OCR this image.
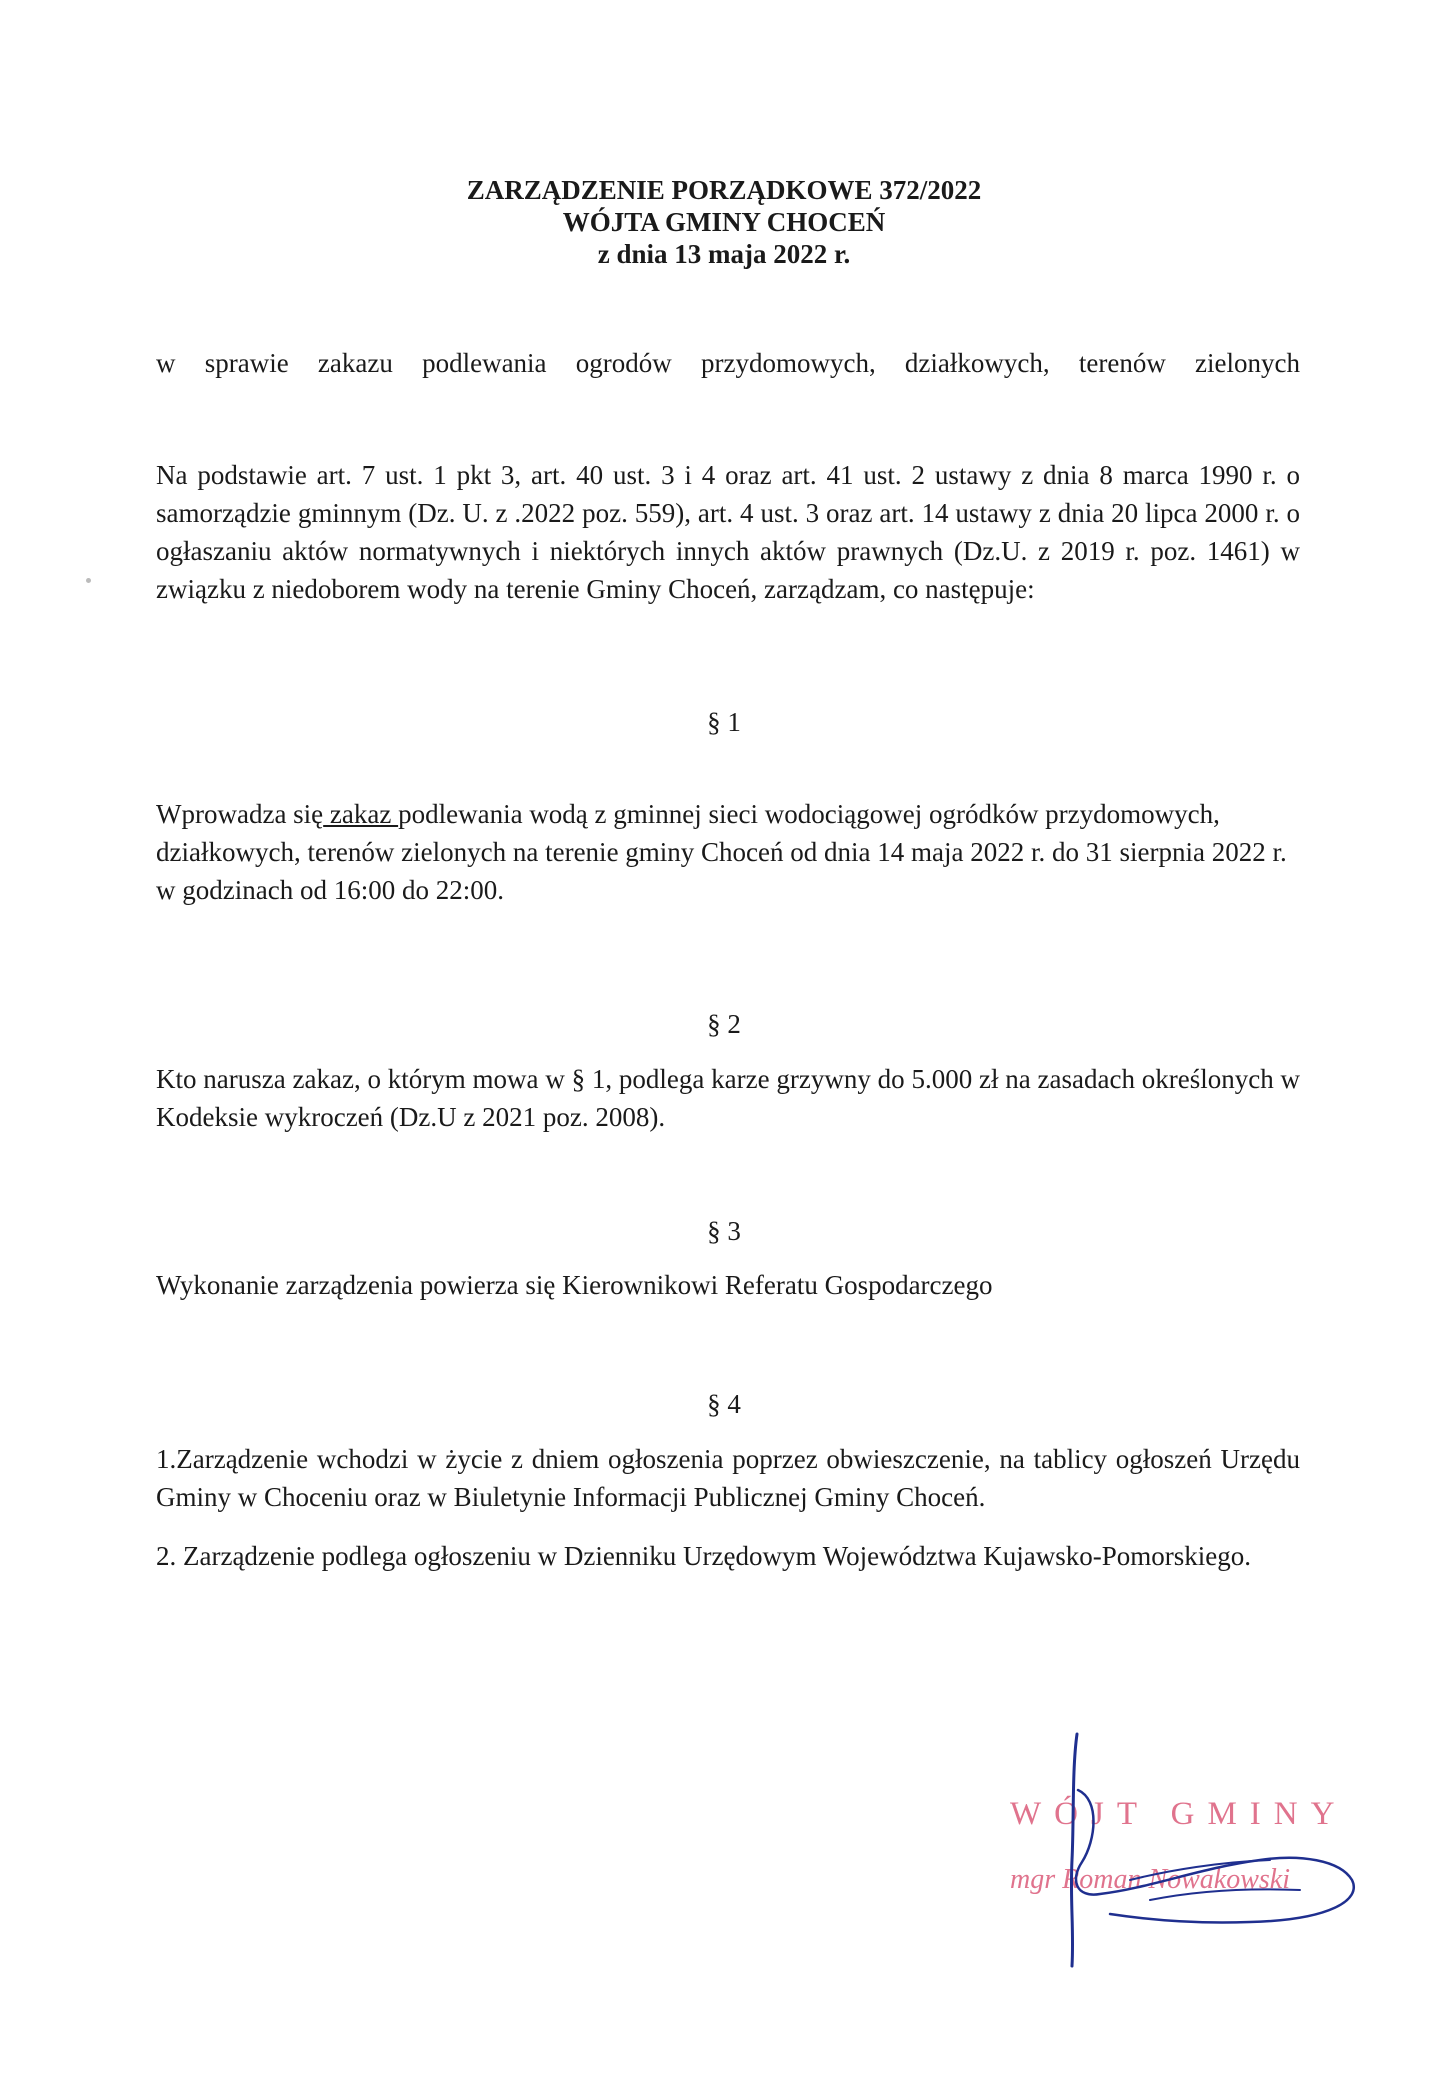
ZARZĄDZENIE PORZĄDKOWE 372/2022
WÓJTA GMINY CHOCEŃ
z dnia 13 maja 2022 r.
w sprawie zakazu podlewania ogrodów przydomowych, działkowych, terenów zielonych
Na podstawie art. 7 ust. 1 pkt 3, art. 40 ust. 3 i 4 oraz art. 41 ust. 2 ustawy z dnia 8 marca 1990 r. o samorządzie gminnym (Dz. U. z .2022 poz. 559), art. 4 ust. 3 oraz art. 14 ustawy z dnia 20 lipca 2000 r. o ogłaszaniu aktów normatywnych i niektórych innych aktów prawnych (Dz.U. z 2019 r. poz. 1461) w związku z niedoborem wody na terenie Gminy Choceń, zarządzam, co następuje:
§ 1
Wprowadza się zakaz podlewania wodą z gminnej sieci wodociągowej ogródków przydomowych, działkowych, terenów zielonych na terenie gminy Choceń od dnia 14 maja 2022 r. do 31 sierpnia 2022 r. w godzinach od 16:00 do 22:00.
§ 2
Kto narusza zakaz, o którym mowa w § 1, podlega karze grzywny do 5.000 zł na zasadach określonych w Kodeksie wykroczeń (Dz.U z 2021 poz. 2008).
§ 3
Wykonanie zarządzenia powierza się Kierownikowi Referatu Gospodarczego
§ 4
1.Zarządzenie wchodzi w życie z dniem ogłoszenia poprzez obwieszczenie, na tablicy ogłoszeń Urzędu Gminy w Choceniu oraz w Biuletynie Informacji Publicznej Gminy Choceń.
2. Zarządzenie podlega ogłoszeniu w Dzienniku Urzędowym Województwa Kujawsko-Pomorskiego.
WÓJT GMINY
mgr Roman Nowakowski
